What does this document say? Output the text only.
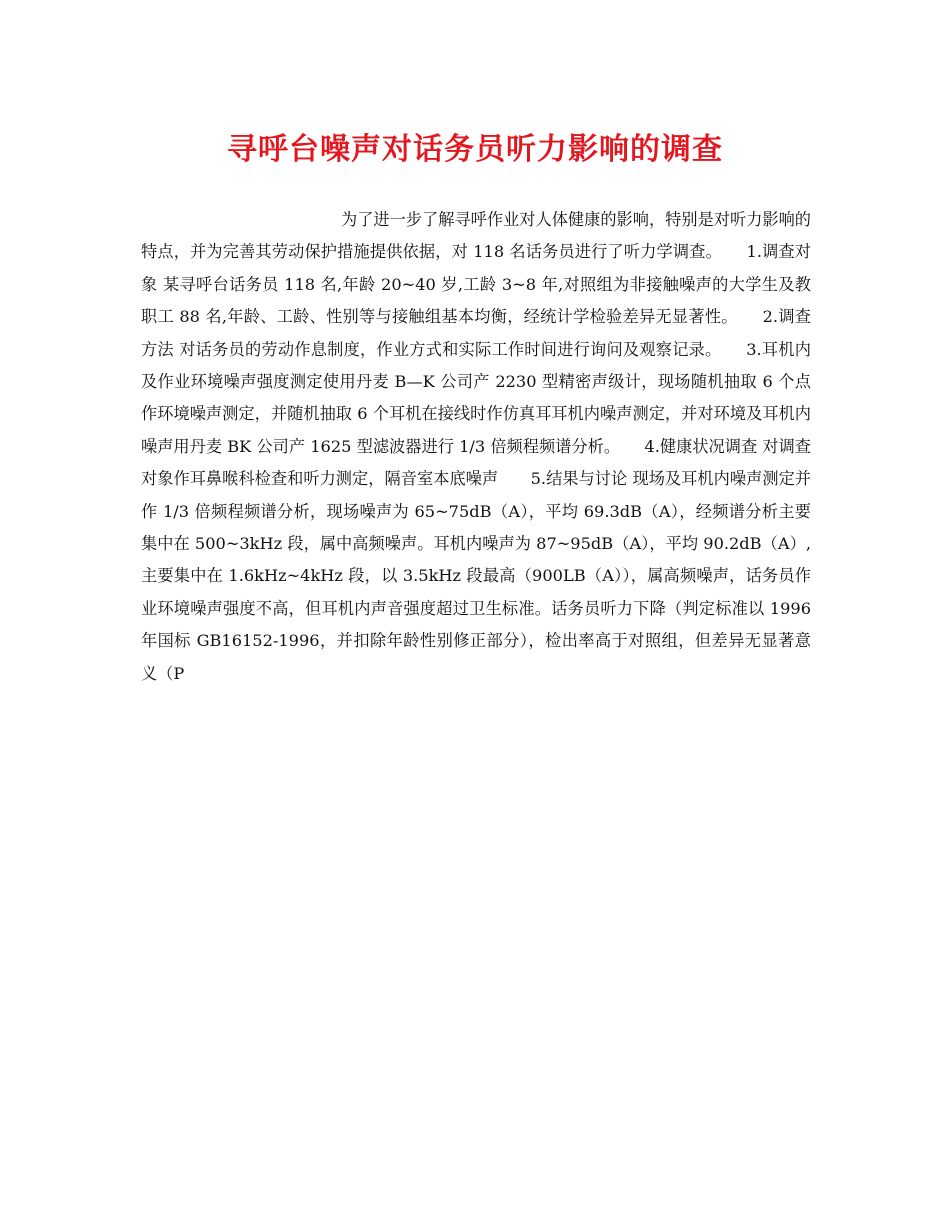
寻呼台噪声对话务员听力影响的调查
为了进一步了解寻呼作业对人体健康的影响，特别是对听力影响的特点，并为完善其劳动保护措施提供依据，对 118 名话务员进行了听力学调查。　　1.调查对象 某寻呼台话务员 118 名,年龄 20~40 岁,工龄 3~8 年,对照组为非接触噪声的大学生及教职工 88 名,年龄、工龄、性别等与接触组基本均衡，经统计学检验差异无显著性。　　2.调查方法 对话务员的劳动作息制度，作业方式和实际工作时间进行询问及观察记录。　　3.耳机内及作业环境噪声强度测定使用丹麦 B—K 公司产 2230 型精密声级计，现场随机抽取 6 个点作环境噪声测定，并随机抽取 6 个耳机在接线时作仿真耳耳机内噪声测定，并对环境及耳机内噪声用丹麦 BK 公司产 1625 型滤波器进行 1/3 倍频程频谱分析。　　4.健康状况调查 对调查对象作耳鼻喉科检查和听力测定，隔音室本底噪声　　5.结果与讨论 现场及耳机内噪声测定并作 1/3 倍频程频谱分析，现场噪声为 65~75dB（A），平均 69.3dB（A），经频谱分析主要集中在 500~3kHz 段，属中高频噪声。耳机内噪声为 87~95dB（A），平均 90.2dB（A）,主要集中在 1.6kHz~4kHz 段，以 3.5kHz 段最高（900LB（A）），属高频噪声，话务员作业环境噪声强度不高，但耳机内声音强度超过卫生标准。话务员听力下降（判定标准以 1996 年国标 GB16152-1996，并扣除年龄性别修正部分），检出率高于对照组，但差异无显著意义（P
